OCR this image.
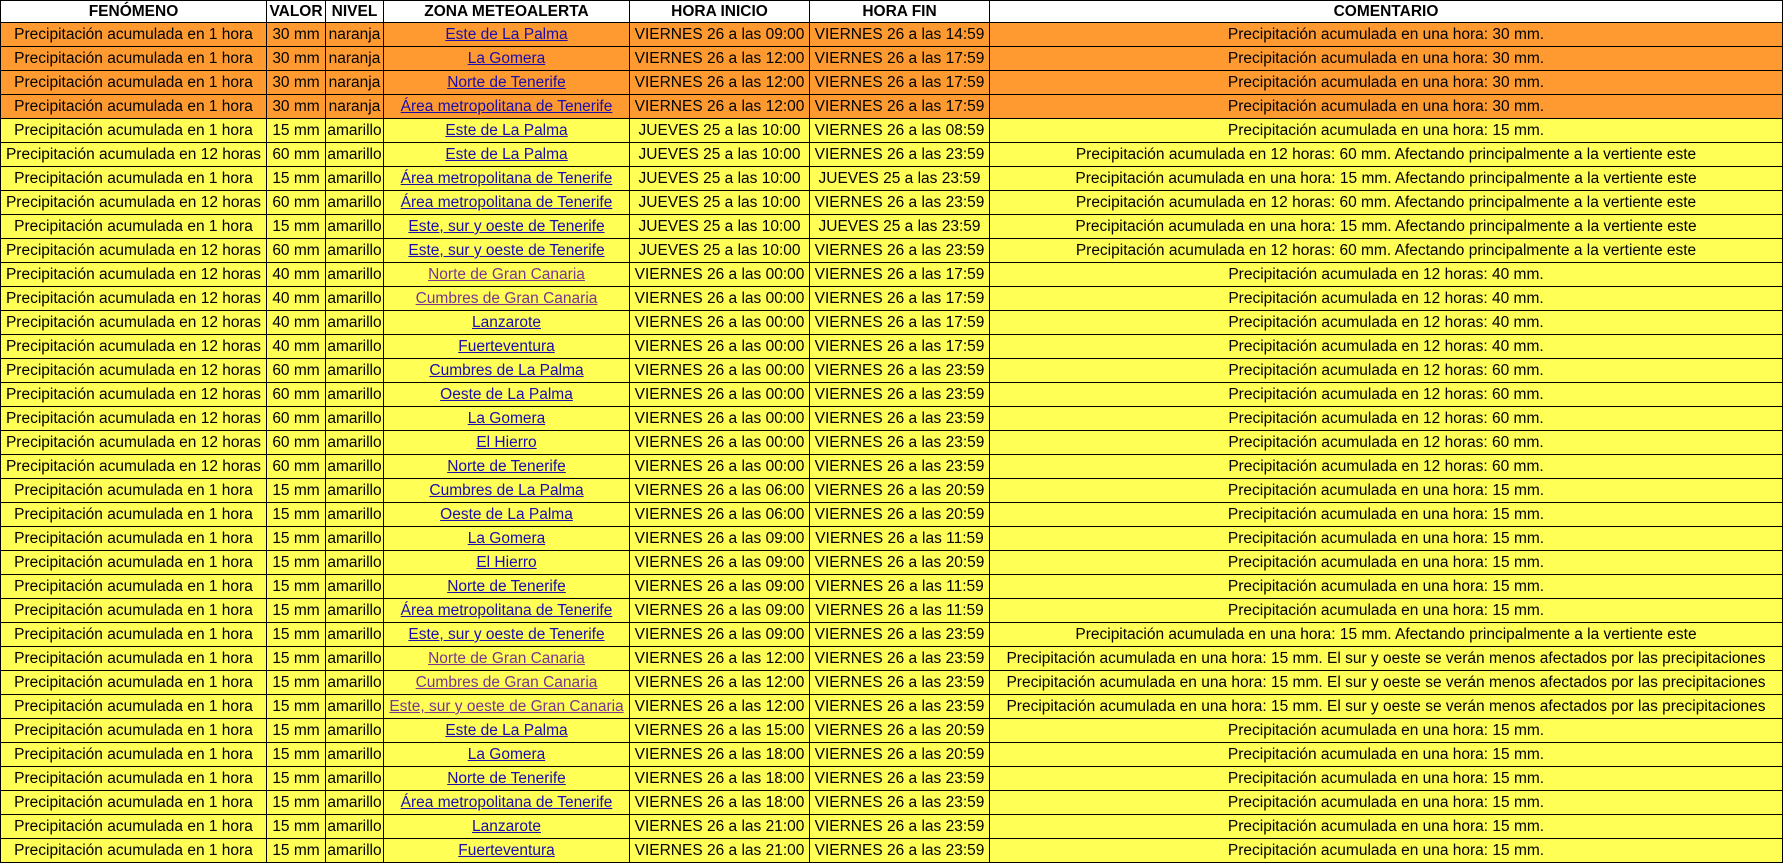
FENÓMENO	VALOR	NIVEL	ZONA METEOALERTA	HORA INICIO	HORA FIN	COMENTARIO
Precipitación acumulada en 1 hora	30 mm	naranja	Este de La Palma	VIERNES 26 a las 09:00	VIERNES 26 a las 14:59	Precipitación acumulada en una hora: 30 mm.
Precipitación acumulada en 1 hora	30 mm	naranja	La Gomera	VIERNES 26 a las 12:00	VIERNES 26 a las 17:59	Precipitación acumulada en una hora: 30 mm.
Precipitación acumulada en 1 hora	30 mm	naranja	Norte de Tenerife	VIERNES 26 a las 12:00	VIERNES 26 a las 17:59	Precipitación acumulada en una hora: 30 mm.
Precipitación acumulada en 1 hora	30 mm	naranja	Área metropolitana de Tenerife	VIERNES 26 a las 12:00	VIERNES 26 a las 17:59	Precipitación acumulada en una hora: 30 mm.
Precipitación acumulada en 1 hora	15 mm	amarillo	Este de La Palma	JUEVES 25 a las 10:00	VIERNES 26 a las 08:59	Precipitación acumulada en una hora: 15 mm.
Precipitación acumulada en 12 horas	60 mm	amarillo	Este de La Palma	JUEVES 25 a las 10:00	VIERNES 26 a las 23:59	Precipitación acumulada en 12 horas: 60 mm. Afectando principalmente a la vertiente este
Precipitación acumulada en 1 hora	15 mm	amarillo	Área metropolitana de Tenerife	JUEVES 25 a las 10:00	JUEVES 25 a las 23:59	Precipitación acumulada en una hora: 15 mm. Afectando principalmente a la vertiente este
Precipitación acumulada en 12 horas	60 mm	amarillo	Área metropolitana de Tenerife	JUEVES 25 a las 10:00	VIERNES 26 a las 23:59	Precipitación acumulada en 12 horas: 60 mm. Afectando principalmente a la vertiente este
Precipitación acumulada en 1 hora	15 mm	amarillo	Este, sur y oeste de Tenerife	JUEVES 25 a las 10:00	JUEVES 25 a las 23:59	Precipitación acumulada en una hora: 15 mm. Afectando principalmente a la vertiente este
Precipitación acumulada en 12 horas	60 mm	amarillo	Este, sur y oeste de Tenerife	JUEVES 25 a las 10:00	VIERNES 26 a las 23:59	Precipitación acumulada en 12 horas: 60 mm. Afectando principalmente a la vertiente este
Precipitación acumulada en 12 horas	40 mm	amarillo	Norte de Gran Canaria	VIERNES 26 a las 00:00	VIERNES 26 a las 17:59	Precipitación acumulada en 12 horas: 40 mm.
Precipitación acumulada en 12 horas	40 mm	amarillo	Cumbres de Gran Canaria	VIERNES 26 a las 00:00	VIERNES 26 a las 17:59	Precipitación acumulada en 12 horas: 40 mm.
Precipitación acumulada en 12 horas	40 mm	amarillo	Lanzarote	VIERNES 26 a las 00:00	VIERNES 26 a las 17:59	Precipitación acumulada en 12 horas: 40 mm.
Precipitación acumulada en 12 horas	40 mm	amarillo	Fuerteventura	VIERNES 26 a las 00:00	VIERNES 26 a las 17:59	Precipitación acumulada en 12 horas: 40 mm.
Precipitación acumulada en 12 horas	60 mm	amarillo	Cumbres de La Palma	VIERNES 26 a las 00:00	VIERNES 26 a las 23:59	Precipitación acumulada en 12 horas: 60 mm.
Precipitación acumulada en 12 horas	60 mm	amarillo	Oeste de La Palma	VIERNES 26 a las 00:00	VIERNES 26 a las 23:59	Precipitación acumulada en 12 horas: 60 mm.
Precipitación acumulada en 12 horas	60 mm	amarillo	La Gomera	VIERNES 26 a las 00:00	VIERNES 26 a las 23:59	Precipitación acumulada en 12 horas: 60 mm.
Precipitación acumulada en 12 horas	60 mm	amarillo	El Hierro	VIERNES 26 a las 00:00	VIERNES 26 a las 23:59	Precipitación acumulada en 12 horas: 60 mm.
Precipitación acumulada en 12 horas	60 mm	amarillo	Norte de Tenerife	VIERNES 26 a las 00:00	VIERNES 26 a las 23:59	Precipitación acumulada en 12 horas: 60 mm.
Precipitación acumulada en 1 hora	15 mm	amarillo	Cumbres de La Palma	VIERNES 26 a las 06:00	VIERNES 26 a las 20:59	Precipitación acumulada en una hora: 15 mm.
Precipitación acumulada en 1 hora	15 mm	amarillo	Oeste de La Palma	VIERNES 26 a las 06:00	VIERNES 26 a las 20:59	Precipitación acumulada en una hora: 15 mm.
Precipitación acumulada en 1 hora	15 mm	amarillo	La Gomera	VIERNES 26 a las 09:00	VIERNES 26 a las 11:59	Precipitación acumulada en una hora: 15 mm.
Precipitación acumulada en 1 hora	15 mm	amarillo	El Hierro	VIERNES 26 a las 09:00	VIERNES 26 a las 20:59	Precipitación acumulada en una hora: 15 mm.
Precipitación acumulada en 1 hora	15 mm	amarillo	Norte de Tenerife	VIERNES 26 a las 09:00	VIERNES 26 a las 11:59	Precipitación acumulada en una hora: 15 mm.
Precipitación acumulada en 1 hora	15 mm	amarillo	Área metropolitana de Tenerife	VIERNES 26 a las 09:00	VIERNES 26 a las 11:59	Precipitación acumulada en una hora: 15 mm.
Precipitación acumulada en 1 hora	15 mm	amarillo	Este, sur y oeste de Tenerife	VIERNES 26 a las 09:00	VIERNES 26 a las 23:59	Precipitación acumulada en una hora: 15 mm. Afectando principalmente a la vertiente este
Precipitación acumulada en 1 hora	15 mm	amarillo	Norte de Gran Canaria	VIERNES 26 a las 12:00	VIERNES 26 a las 23:59	Precipitación acumulada en una hora: 15 mm. El sur y oeste se verán menos afectados por las precipitaciones
Precipitación acumulada en 1 hora	15 mm	amarillo	Cumbres de Gran Canaria	VIERNES 26 a las 12:00	VIERNES 26 a las 23:59	Precipitación acumulada en una hora: 15 mm. El sur y oeste se verán menos afectados por las precipitaciones
Precipitación acumulada en 1 hora	15 mm	amarillo	Este, sur y oeste de Gran Canaria	VIERNES 26 a las 12:00	VIERNES 26 a las 23:59	Precipitación acumulada en una hora: 15 mm. El sur y oeste se verán menos afectados por las precipitaciones
Precipitación acumulada en 1 hora	15 mm	amarillo	Este de La Palma	VIERNES 26 a las 15:00	VIERNES 26 a las 20:59	Precipitación acumulada en una hora: 15 mm.
Precipitación acumulada en 1 hora	15 mm	amarillo	La Gomera	VIERNES 26 a las 18:00	VIERNES 26 a las 20:59	Precipitación acumulada en una hora: 15 mm.
Precipitación acumulada en 1 hora	15 mm	amarillo	Norte de Tenerife	VIERNES 26 a las 18:00	VIERNES 26 a las 23:59	Precipitación acumulada en una hora: 15 mm.
Precipitación acumulada en 1 hora	15 mm	amarillo	Área metropolitana de Tenerife	VIERNES 26 a las 18:00	VIERNES 26 a las 23:59	Precipitación acumulada en una hora: 15 mm.
Precipitación acumulada en 1 hora	15 mm	amarillo	Lanzarote	VIERNES 26 a las 21:00	VIERNES 26 a las 23:59	Precipitación acumulada en una hora: 15 mm.
Precipitación acumulada en 1 hora	15 mm	amarillo	Fuerteventura	VIERNES 26 a las 21:00	VIERNES 26 a las 23:59	Precipitación acumulada en una hora: 15 mm.
